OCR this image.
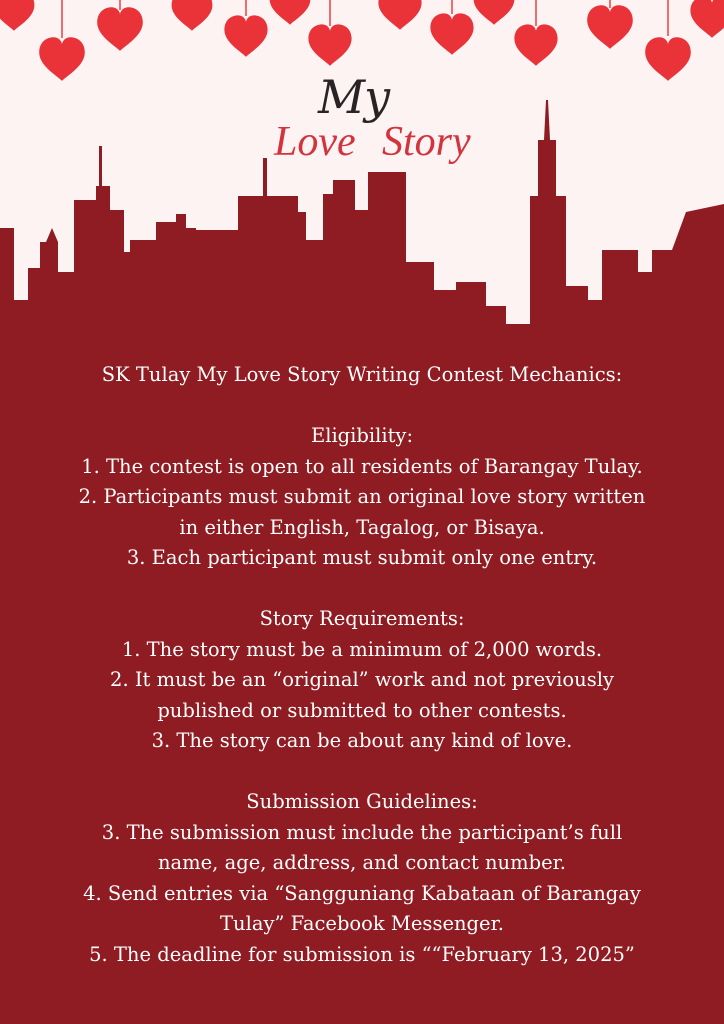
My
Love Story

SK Tulay My Love Story Writing Contest Mechanics:

Eligibility:

1. The contest is open to all residents of Barangay Tulay.

2. Participants must submit an original love story written

in either English, Tagalog, or Bisaya.

3. Each participant must submit only one entry.

Story Requirements:

1. The story must be a minimum of 2,000 words.

2. It must be an “original” work and not previously

published or submitted to other contests.

3. The story can be about any kind of love.

Submission Guidelines:

3. The submission must include the participant’s full

name, age, address, and contact number.

4. Send entries via “Sangguniang Kabataan of Barangay

Tulay” Facebook Messenger.

5. The deadline for submission is ““February 13, 2025”
